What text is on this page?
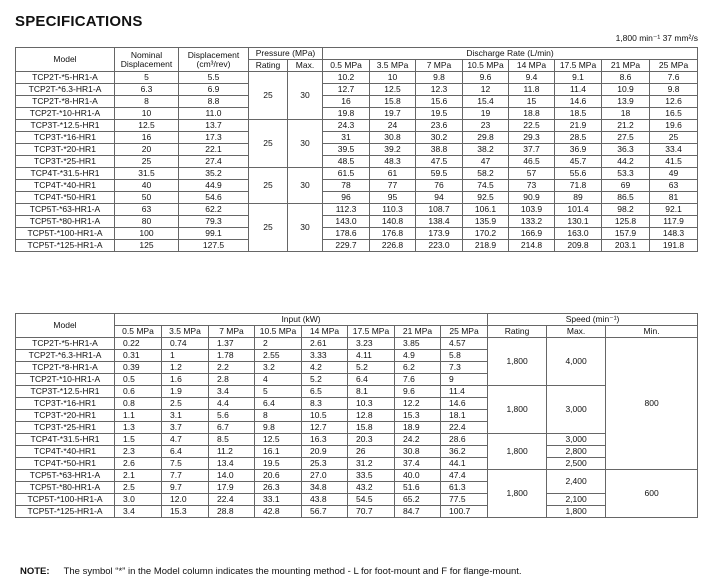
SPECIFICATIONS
1,800 min⁻¹ 37 mm²/s
Model	Nominal Displacement	Displacement (cm³/rev)	Pressure (MPa)		Discharge Rate (L/min)							
			Rating	Max.	0.5 MPa	3.5 MPa	7 MPa	10.5 MPa	14 MPa	17.5 MPa	21 MPa	25 MPa
TCP2T-*5-HR1-A	5	5.5	25	30	10.2	10	9.8	9.6	9.4	9.1	8.6	7.6
TCP2T-*6.3-HR1-A	6.3	6.9			12.7	12.5	12.3	12	11.8	11.4	10.9	9.8
TCP2T-*8-HR1-A	8	8.8			16	15.8	15.6	15.4	15	14.6	13.9	12.6
TCP2T-*10-HR1-A	10	11.0			19.8	19.7	19.5	19	18.8	18.5	18	16.5
TCP3T-*12.5-HR1	12.5	13.7	25	30	24.3	24	23.6	23	22.5	21.9	21.2	19.6
TCP3T-*16-HR1	16	17.3			31	30.8	30.2	29.8	29.3	28.5	27.5	25
TCP3T-*20-HR1	20	22.1			39.5	39.2	38.8	38.2	37.7	36.9	36.3	33.4
TCP3T-*25-HR1	25	27.4			48.5	48.3	47.5	47	46.5	45.7	44.2	41.5
TCP4T-*31.5-HR1	31.5	35.2	25	30	61.5	61	59.5	58.2	57	55.6	53.3	49
TCP4T-*40-HR1	40	44.9			78	77	76	74.5	73	71.8	69	63
TCP4T-*50-HR1	50	54.6			96	95	94	92.5	90.9	89	86.5	81
TCP5T-*63-HR1-A	63	62.2	25	30	112.3	110.3	108.7	106.1	103.9	101.4	98.2	92.1
TCP5T-*80-HR1-A	80	79.3			143.0	140.8	138.4	135.9	133.2	130.1	125.8	117.9
TCP5T-*100-HR1-A	100	99.1			178.6	176.8	173.9	170.2	166.9	163.0	157.9	148.3
TCP5T-*125-HR1-A	125	127.5			229.7	226.8	223.0	218.9	214.8	209.8	203.1	191.8
Model	Input (kW)								Speed (min⁻¹)		
	0.5 MPa	3.5 MPa	7 MPa	10.5 MPa	14 MPa	17.5 MPa	21 MPa	25 MPa	Rating	Max.	Min.
TCP2T-*5-HR1-A	0.22	0.74	1.37	2	2.61	3.23	3.85	4.57	1,800	4,000	800
TCP2T-*6.3-HR1-A	0.31	1	1.78	2.55	3.33	4.11	4.9	5.8			
TCP2T-*8-HR1-A	0.39	1.2	2.2	3.2	4.2	5.2	6.2	7.3			
TCP2T-*10-HR1-A	0.5	1.6	2.8	4	5.2	6.4	7.6	9			
TCP3T-*12.5-HR1	0.6	1.9	3.4	5	6.5	8.1	9.6	11.4	1,800	3,000	
TCP3T-*16-HR1	0.8	2.5	4.4	6.4	8.3	10.3	12.2	14.6			
TCP3T-*20-HR1	1.1	3.1	5.6	8	10.5	12.8	15.3	18.1			
TCP3T-*25-HR1	1.3	3.7	6.7	9.8	12.7	15.8	18.9	22.4			
TCP4T-*31.5-HR1	1.5	4.7	8.5	12.5	16.3	20.3	24.2	28.6	1,800	3,000	
TCP4T-*40-HR1	2.3	6.4	11.2	16.1	20.9	26	30.8	36.2		2,800	
TCP4T-*50-HR1	2.6	7.5	13.4	19.5	25.3	31.2	37.4	44.1		2,500	
TCP5T-*63-HR1-A	2.1	7.7	14.0	20.6	27.0	33.5	40.0	47.4	1,800	2,400	600
TCP5T-*80-HR1-A	2.5	9.7	17.9	26.3	34.8	43.2	51.6	61.3			
TCP5T-*100-HR1-A	3.0	12.0	22.4	33.1	43.8	54.5	65.2	77.5		2,100	
TCP5T-*125-HR1-A	3.4	15.3	28.8	42.8	56.7	70.7	84.7	100.7		1,800	
NOTE: The symbol “*” in the Model column indicates the mounting method - L for foot-mount and F for flange-mount.
